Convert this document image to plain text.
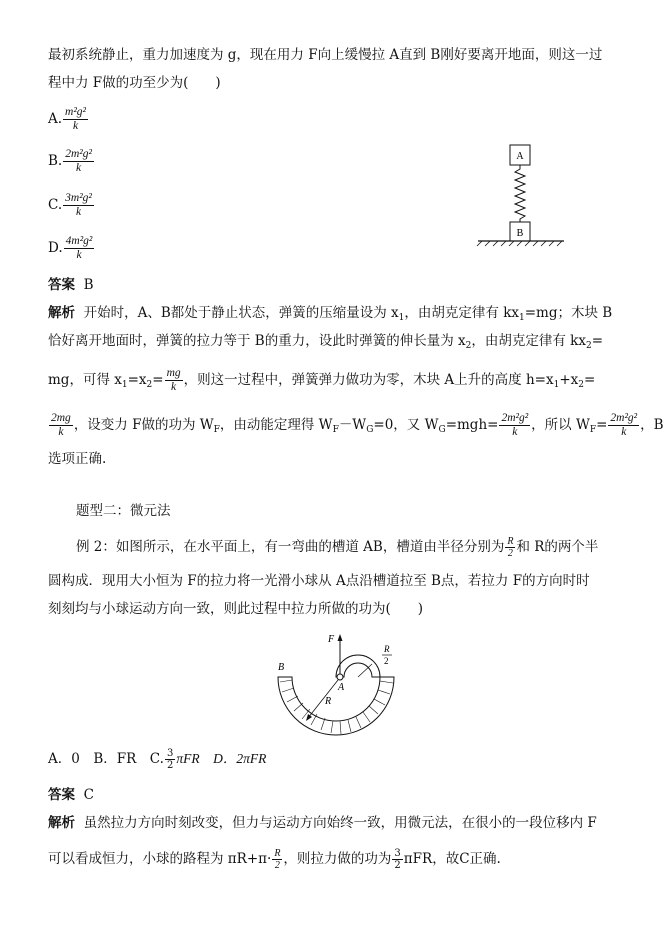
最初系统静止，重力加速度为 g，现在用力 F向上缓慢拉 A直到 B刚好要离开地面，则这一过
程中力 F做的功至少为(　　)
A. $\frac{\text{m²g²}}{k}$
B. $\frac{\text{2m²g²}}{k}$
C. $\frac{\text{3m²g²}}{k}$
D. $\frac{\text{4m²g²}}{k}$
A
B
答案 B
解析 开始时，A、B都处于静止状态，弹簧的压缩量设为 $x_1$，由胡克定律有 $kx_1=mg$；木块 B
恰好离开地面时，弹簧的拉力等于 B的重力，设此时弹簧的伸长量为 $x_2$，由胡克定律有 $kx_2=$
mg，可得 $x_1=x_2= \frac{mg}{k}$ ，则这一过程中，弹簧弹力做功为零，木块 A上升的高度 $h=x_1+x_2=$
$\frac{2mg}{k}$ ，设变力 F做的功为 $W_F$，由动能定理得 $W_F-W_G=0$，又 $W_G=mgh= \frac{\text{2m²g²}}{k}$ ，所以 $W_F= \frac{\text{2m²g²}}{k}$ ，B
选项正确.
题型二：微元法
例 2：如图所示，在水平面上，有一弯曲的槽道 AB，槽道由半径分别为 $\frac{R}{2}$ 和 R的两个半
圆构成．现用大小恒为 F的拉力将一光滑小球从 A点沿槽道拉至 B点，若拉力 F的方向时时
刻刻均与小球运动方向一致，则此过程中拉力所做的功为(　　)
F
B
A
R
R
2
A．0　B．FR　C. $\frac{3}{2}$ πFR　D．2πFR
答案 C
解析 虽然拉力方向时刻改变，但力与运动方向始终一致，用微元法，在很小的一段位移内 F
可以看成恒力，小球的路程为 $\pi R+\pi\cdot \frac{R}{2}$ ，则拉力做的功为 $\frac{3}{2}$ πFR，故C正确.
